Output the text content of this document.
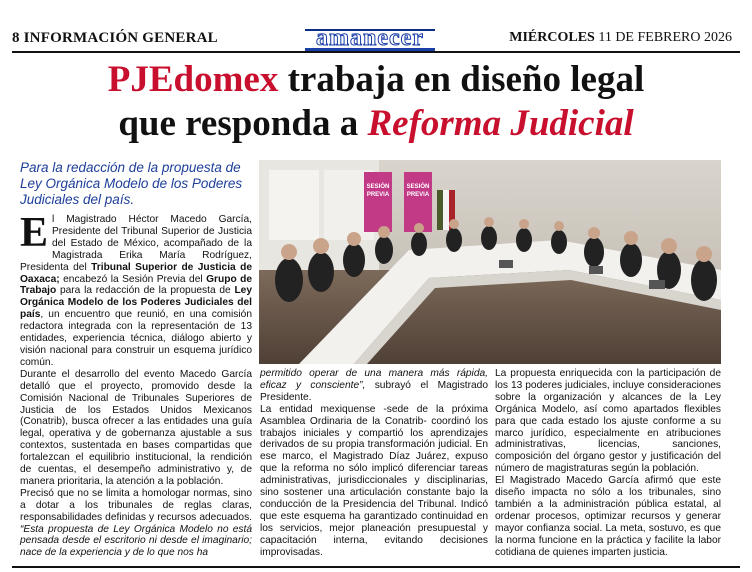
8 INFORMACIÓN GENERAL	amanecer	MIÉRCOLES 11 DE FEBRERO 2026
PJEdomex trabaja en diseño legal
que responda a Reforma Judicial
Para la redacción de la propuesta de Ley Orgánica Modelo de los Poderes Judiciales del país.
SESIÓN
PREVIA
SESIÓN
PREVIA

El Magistrado Héctor Macedo García, Presidente del Tribunal Superior de Justicia del Estado de México, acompañado de la Magistrada Erika María Rodríguez, Presidenta del Tribunal Superior de Justicia de Oaxaca; encabezó la Sesión Previa del Grupo de Trabajo para la redacción de la propuesta de Ley Orgánica Modelo de los Poderes Judiciales del país, un encuentro que reunió, en una comisión redactora integrada con la representación de 13 entidades, experiencia técnica, diálogo abierto y visión nacional para construir un esquema jurídico común.

Durante el desarrollo del evento Macedo García detalló que el proyecto, promovido desde la Comisión Nacional de Tribunales Superiores de Justicia de los Estados Unidos Mexicanos (Conatrib), busca ofrecer a las entidades una guía legal, operativa y de gobernanza ajustable a sus contextos, sustentada en bases compartidas que fortalezcan el equilibrio institucional, la rendición de cuentas, el desempeño administrativo y, de manera prioritaria, la atención a la población.

Precisó que no se limita a homologar normas, sino a dotar a los tribunales de reglas claras, responsabilidades definidas y recursos adecuados. “Esta propuesta de Ley Orgánica Modelo no está pensada desde el escritorio ni desde el imaginario; nace de la experiencia y de lo que nos ha

permitido operar de una manera más rápida, eficaz y consciente”, subrayó el Magistrado Presidente.

La entidad mexiquense -sede de la próxima Asamblea Ordinaria de la Conatrib- coordinó los trabajos iniciales y compartió los aprendizajes derivados de su propia transformación judicial. En ese marco, el Magistrado Díaz Juárez, expuso que la reforma no sólo implicó diferenciar tareas administrativas, jurisdiccionales y disciplinarias, sino sostener una articulación constante bajo la conducción de la Presidencia del Tribunal. Indicó que este esquema ha garantizado continuidad en los servicios, mejor planeación presupuestal y capacitación interna, evitando decisiones improvisadas.

La propuesta enriquecida con la participación de los 13 poderes judiciales, incluye consideraciones sobre la organización y alcances de la Ley Orgánica Modelo, así como apartados flexibles para que cada estado los ajuste conforme a su marco jurídico, especialmente en atribuciones administrativas, licencias, sanciones, composición del órgano gestor y justificación del número de magistraturas según la población.

El Magistrado Macedo García afirmó que este diseño impacta no sólo a los tribunales, sino también a la administración pública estatal, al ordenar procesos, optimizar recursos y generar mayor confianza social. La meta, sostuvo, es que la norma funcione en la práctica y facilite la labor cotidiana de quienes imparten justicia.
